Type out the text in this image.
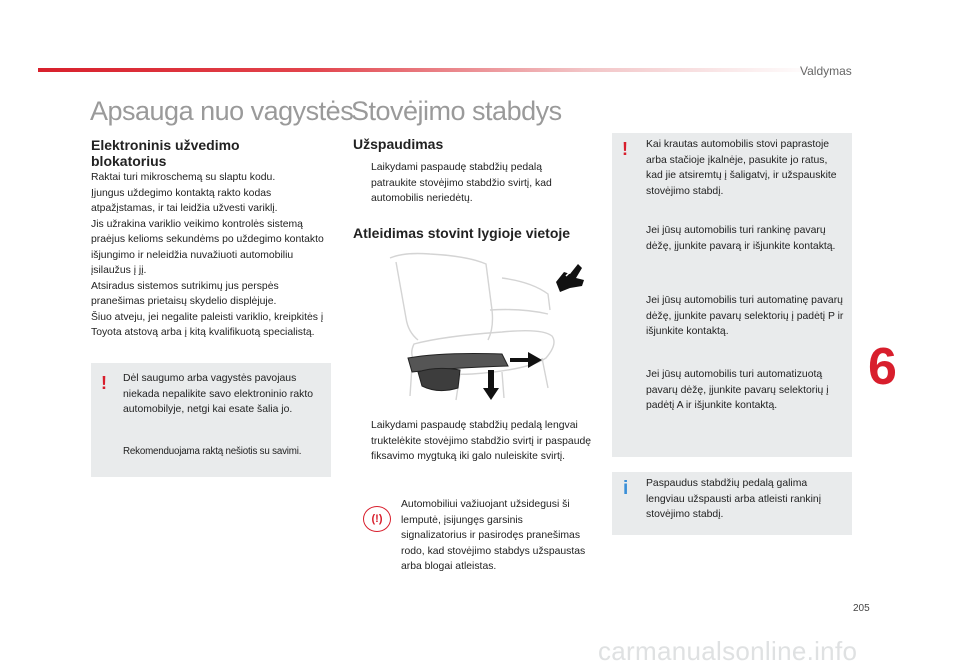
Valdymas
Apsauga nuo vagystės
Elektroninis užvedimo blokatorius
Raktai turi mikroschemą su slaptu kodu.
Įjungus uždegimo kontaktą rakto kodas atpažįstamas, ir tai leidžia užvesti variklį.
Jis užrakina variklio veikimo kontrolės sistemą praėjus kelioms sekundėms po uždegimo kontakto išjungimo ir neleidžia nuvažiuoti automobiliu įsilaužus į jį.
Atsiradus sistemos sutrikimų jus perspės pranešimas prietaisų skydelio displėjuje.
Šiuo atveju, jei negalite paleisti variklio, kreipkitės į Toyota atstovą arba į kitą kvalifikuotą specialistą.
! Dėl saugumo arba vagystės pavojaus niekada nepalikite savo elektroninio rakto automobilyje, netgi kai esate šalia jo.
Rekomenduojama raktą nešiotis su savimi.
Stovėjimo stabdys
Užspaudimas
Laikydami paspaudę stabdžių pedalą patraukite stovėjimo stabdžio svirtį, kad automobilis neriedėtų.
Atleidimas stovint lygioje vietoje
Laikydami paspaudę stabdžių pedalą lengvai truktelėkite stovėjimo stabdžio svirtį ir paspaudę fiksavimo mygtuką iki galo nuleiskite svirtį.
(!)
Automobiliui važiuojant užsidegusi ši lemputė, įsijungęs garsinis signalizatorius ir pasirodęs pranešimas rodo, kad stovėjimo stabdys užspaustas arba blogai atleistas.
! Kai krautas automobilis stovi paprastoje arba stačioje įkalnėje, pasukite jo ratus, kad jie atsiremtų į šaligatvį, ir užspauskite stovėjimo stabdį.
Jei jūsų automobilis turi rankinę pavarų dėžę, įjunkite pavarą ir išjunkite kontaktą.
Jei jūsų automobilis turi automatinę pavarų dėžę, įjunkite pavarų selektorių į padėtį P ir išjunkite kontaktą.
Jei jūsų automobilis turi automatizuotą pavarų dėžę, įjunkite pavarų selektorių į padėtį A ir išjunkite kontaktą.
i Paspaudus stabdžių pedalą galima lengviau užspausti arba atleisti rankinį stovėjimo stabdį.
6
205
carmanualsonline.info
